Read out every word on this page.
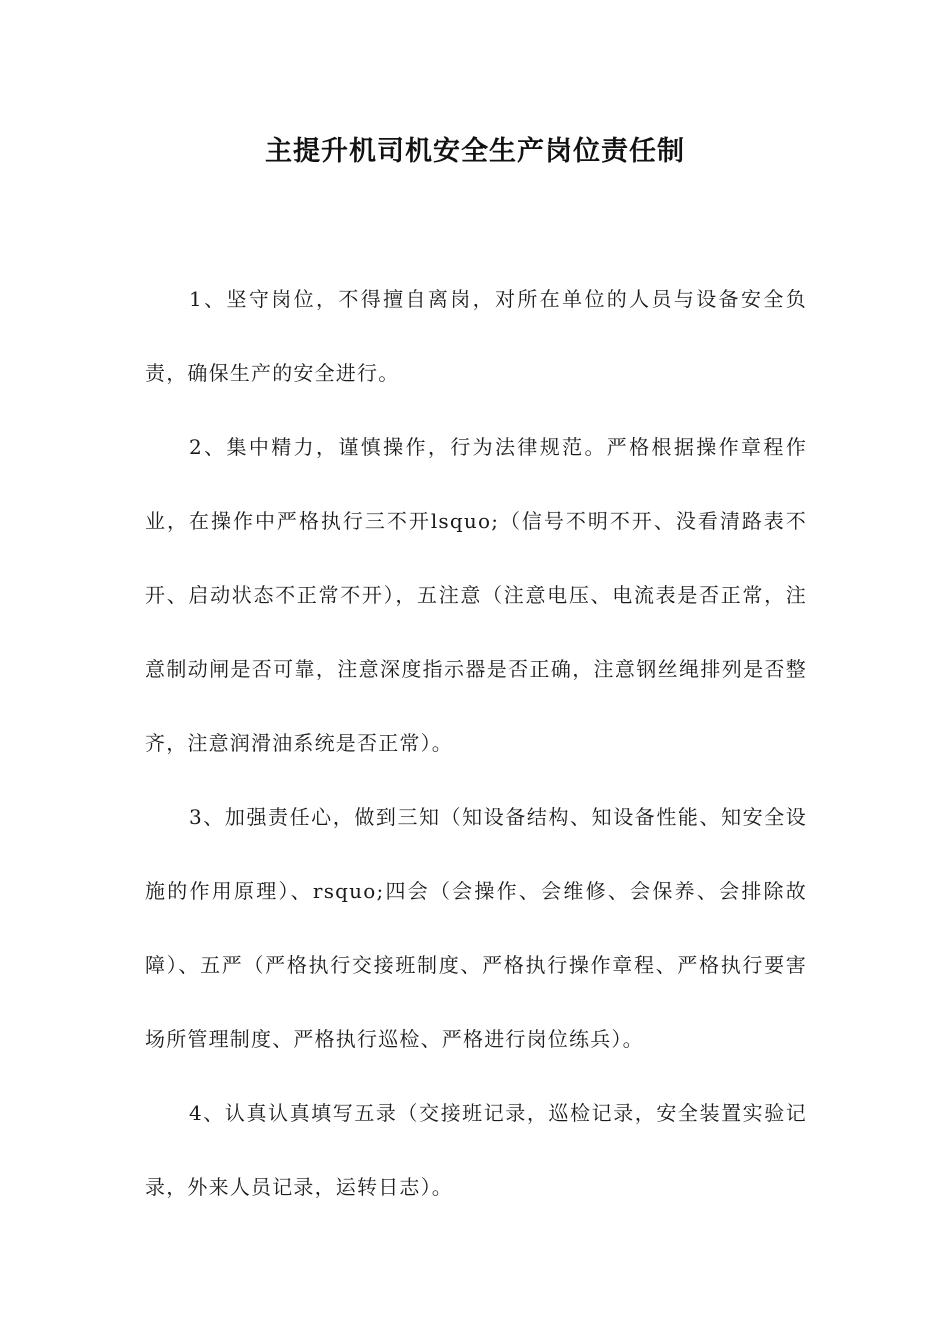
主提升机司机安全生产岗位责任制

1、坚守岗位，不得擅自离岗，对所在单位的人员与设备安全负责，确保生产的安全进行。

2、集中精力，谨慎操作，行为法律规范。严格根据操作章程作业，在操作中严格执行三不开lsquo;（信号不明不开、没看清路表不开、启动状态不正常不开），五注意（注意电压、电流表是否正常，注意制动闸是否可靠，注意深度指示器是否正确，注意钢丝绳排列是否整齐，注意润滑油系统是否正常）。

3、加强责任心，做到三知（知设备结构、知设备性能、知安全设施的作用原理）、rsquo;四会（会操作、会维修、会保养、会排除故障）、五严（严格执行交接班制度、严格执行操作章程、严格执行要害场所管理制度、严格执行巡检、严格进行岗位练兵）。

4、认真认真填写五录（交接班记录，巡检记录，安全装置实验记录，外来人员记录，运转日志）。
